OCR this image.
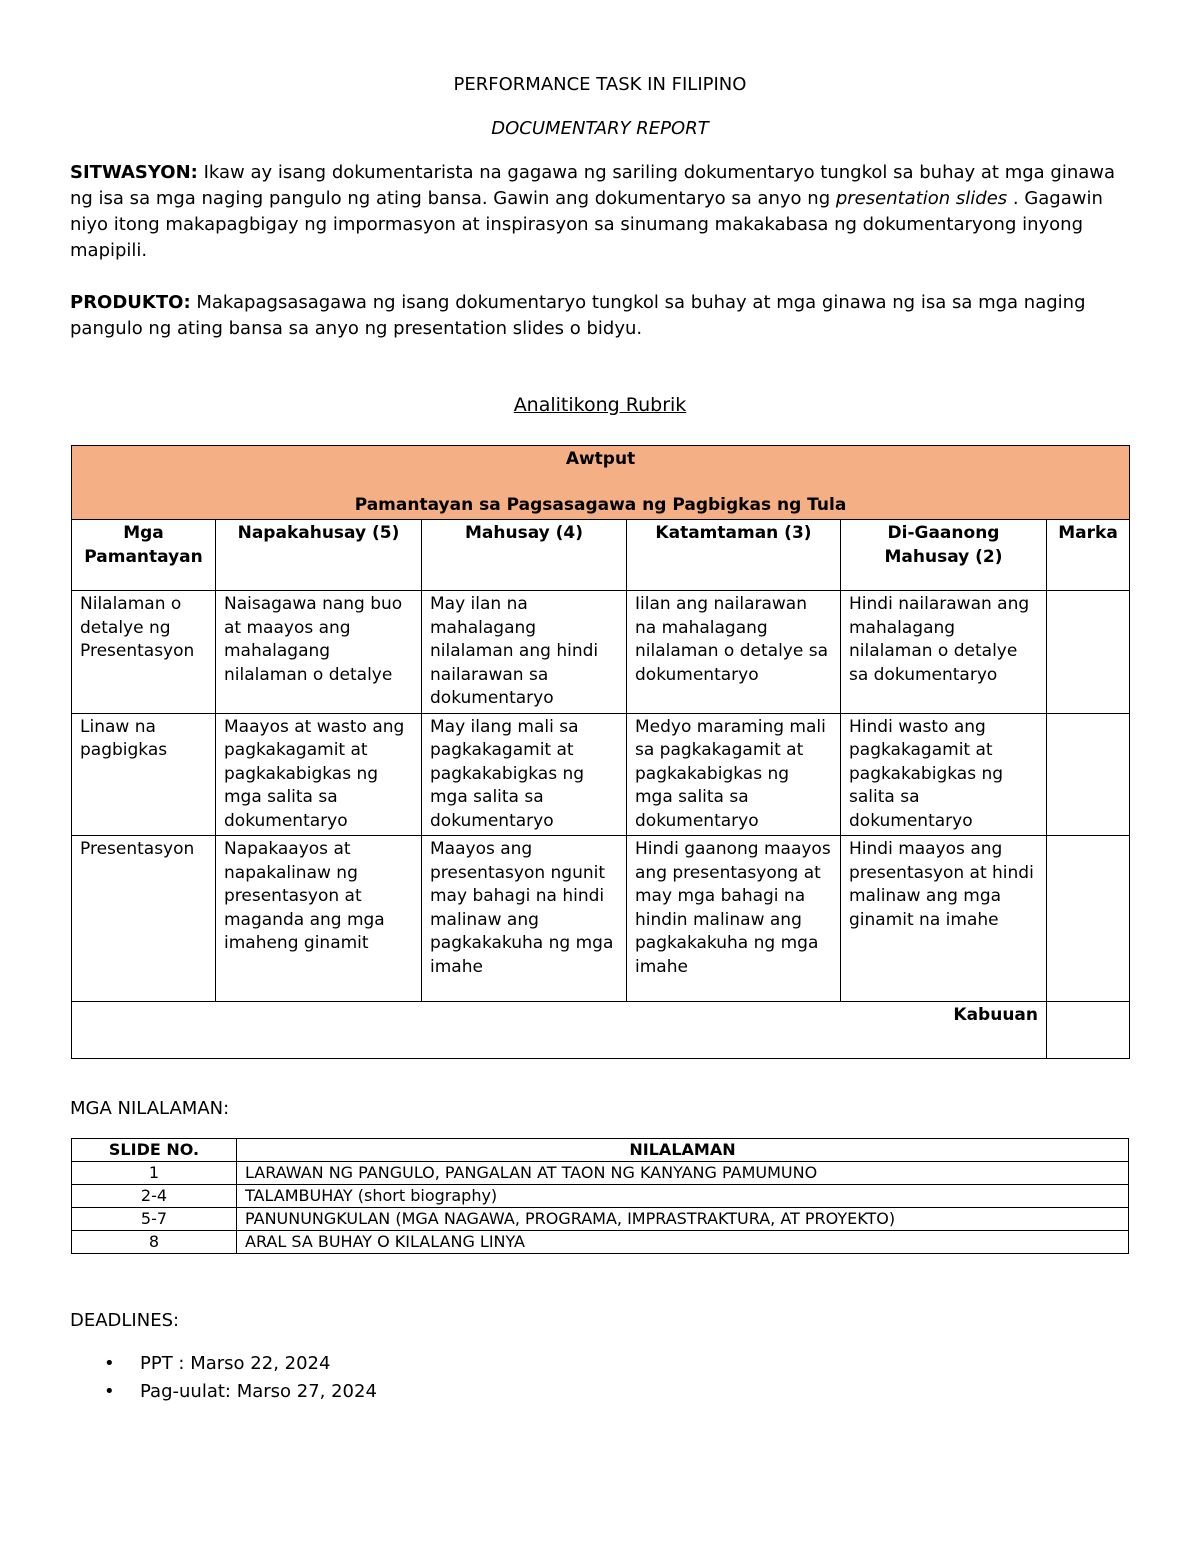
PERFORMANCE TASK IN FILIPINO
DOCUMENTARY REPORT

SITWASYON: Ikaw ay isang dokumentarista na gagawa ng sariling dokumentaryo tungkol sa buhay at mga ginawa ng isa sa mga naging pangulo ng ating bansa. Gawin ang dokumentaryo sa anyo ng presentation slides . Gagawin niyo itong makapagbigay ng impormasyon at inspirasyon sa sinumang makakabasa ng dokumentaryong inyong mapipili.

PRODUKTO: Makapagsasagawa ng isang dokumentaryo tungkol sa buhay at mga ginawa ng isa sa mga naging pangulo ng ating bansa sa anyo ng presentation slides o bidyu.

Analitikong Rubrik
Awtput
Pamantayan sa Pagsasagawa ng Pagbigkas ng Tula					

Mga Pamantayan	Napakahusay (5)	Mahusay (4)	Katamtaman (3)	Di-Gaanong Mahusay (2)	Marka
Nilalaman o detalye ng Presentasyon	Naisagawa nang buo at maayos ang mahalagang nilalaman o detalye	May ilan na mahalagang nilalaman ang hindi nailarawan sa dokumentaryo	Iilan ang nailarawan na mahalagang nilalaman o detalye sa dokumentaryo	Hindi nailarawan ang mahalagang nilalaman o detalye sa dokumentaryo	
Linaw na pagbigkas	Maayos at wasto ang pagkakagamit at pagkakabigkas ng mga salita sa dokumentaryo	May ilang mali sa pagkakagamit at pagkakabigkas ng mga salita sa dokumentaryo	Medyo maraming mali sa pagkakagamit at pagkakabigkas ng mga salita sa dokumentaryo	Hindi wasto ang pagkakagamit at pagkakabigkas ng salita sa dokumentaryo	
Presentasyon	Napakaayos at napakalinaw ng presentasyon at maganda ang mga imaheng ginamit	Maayos ang presentasyon ngunit may bahagi na hindi malinaw ang pagkakakuha ng mga imahe	Hindi gaanong maayos ang presentasyong at may mga bahagi na hindin malinaw ang pagkakakuha ng mga imahe	Hindi maayos ang presentasyon at hindi malinaw ang mga ginamit na imahe	
Kabuuan					
MGA NILALAMAN:
SLIDE NO.	NILALAMAN
1	LARAWAN NG PANGULO, PANGALAN AT TAON NG KANYANG PAMUMUNO
2-4	TALAMBUHAY (short biography)
5-7	PANUNUNGKULAN (MGA NAGAWA, PROGRAMA, IMPRASTRAKTURA, AT PROYEKTO)
8	ARAL SA BUHAY O KILALANG LINYA
DEADLINES:
• PPT : Marso 22, 2024
• Pag-uulat: Marso 27, 2024
